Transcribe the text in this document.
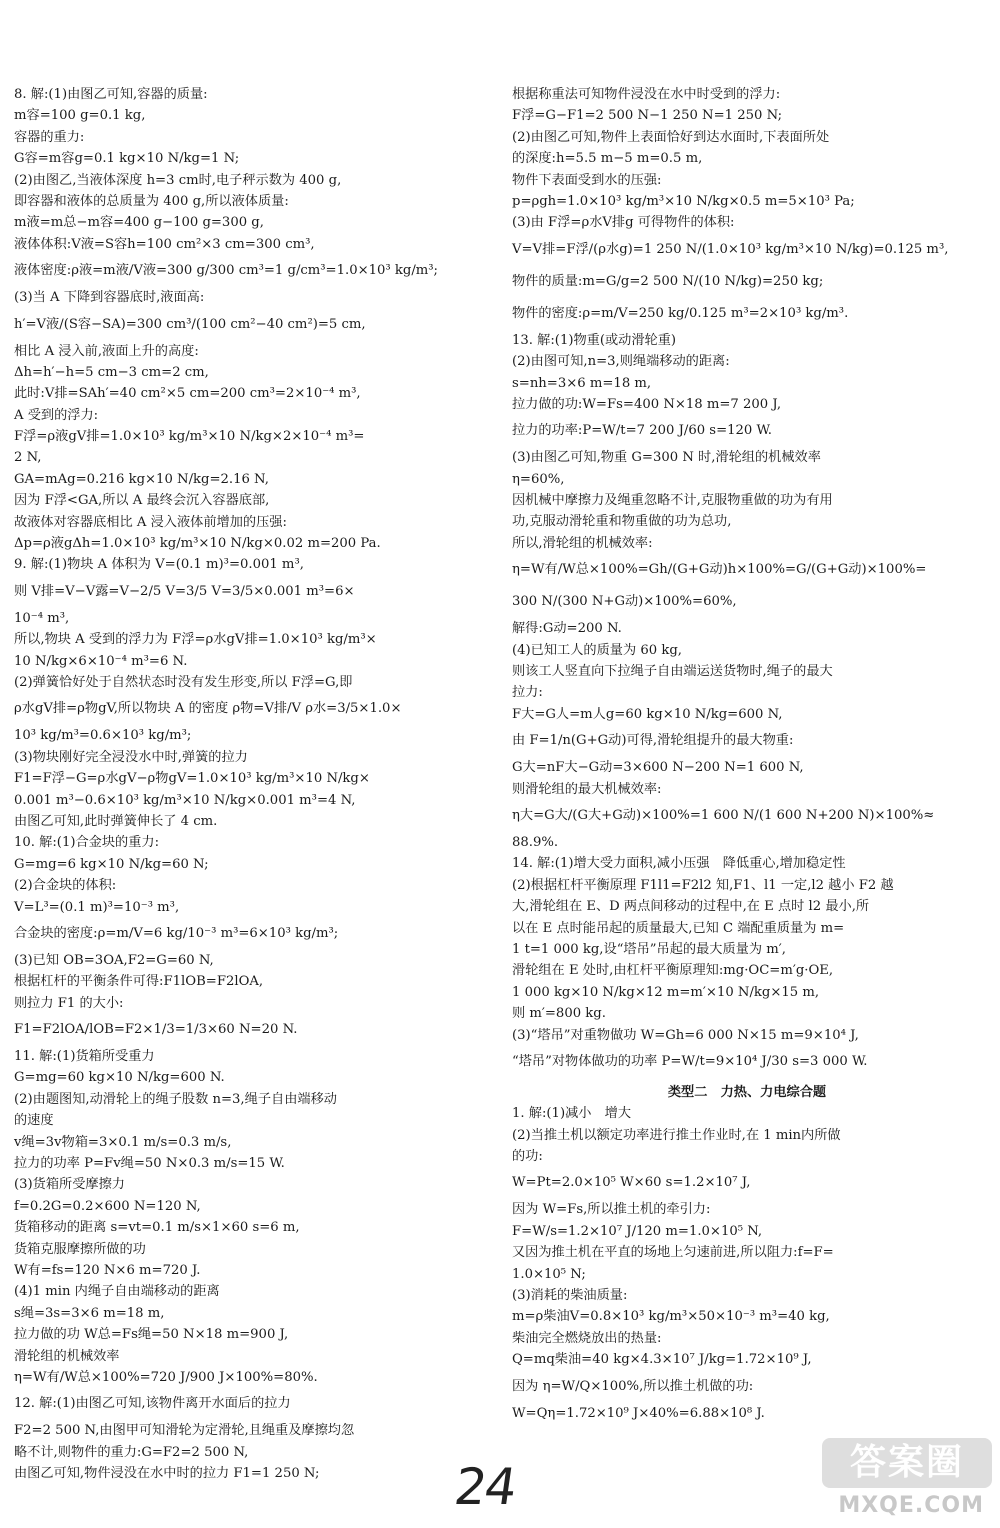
8. 解:(1)由图乙可知,容器的质量:
m容=100 g=0.1 kg,
容器的重力:
G容=m容g=0.1 kg×10 N/kg=1 N;
(2)由图乙,当液体深度 h=3 cm时,电子秤示数为 400 g,
即容器和液体的总质量为 400 g,所以液体质量:
m液=m总−m容=400 g−100 g=300 g,
液体体积:V液=S容h=100 cm²×3 cm=300 cm³,
液体密度:ρ液=m液/V液=300 g/300 cm³=1 g/cm³=1.0×10³ kg/m³;
(3)当 A 下降到容器底时,液面高:
h′=V液/(S容−SA)=300 cm³/(100 cm²−40 cm²)=5 cm,
相比 A 浸入前,液面上升的高度:
Δh=h′−h=5 cm−3 cm=2 cm,
此时:V排=SAh′=40 cm²×5 cm=200 cm³=2×10⁻⁴ m³,
A 受到的浮力:
F浮=ρ液gV排=1.0×10³ kg/m³×10 N/kg×2×10⁻⁴ m³=
2 N,
GA=mAg=0.216 kg×10 N/kg=2.16 N,
因为 F浮<GA,所以 A 最终会沉入容器底部,
故液体对容器底相比 A 浸入液体前增加的压强:
Δp=ρ液gΔh=1.0×10³ kg/m³×10 N/kg×0.02 m=200 Pa.
9. 解:(1)物块 A 体积为 V=(0.1 m)³=0.001 m³,
则 V排=V−V露=V−2/5 V=3/5 V=3/5×0.001 m³=6×
10⁻⁴ m³,
所以,物块 A 受到的浮力为 F浮=ρ水gV排=1.0×10³ kg/m³×
10 N/kg×6×10⁻⁴ m³=6 N.
(2)弹簧恰好处于自然状态时没有发生形变,所以 F浮=G,即
ρ水gV排=ρ物gV,所以物块 A 的密度 ρ物=V排/V ρ水=3/5×1.0×
10³ kg/m³=0.6×10³ kg/m³;
(3)物块刚好完全浸没水中时,弹簧的拉力
F1=F浮−G=ρ水gV−ρ物gV=1.0×10³ kg/m³×10 N/kg×
0.001 m³−0.6×10³ kg/m³×10 N/kg×0.001 m³=4 N,
由图乙可知,此时弹簧伸长了 4 cm.
10. 解:(1)合金块的重力:
G=mg=6 kg×10 N/kg=60 N;
(2)合金块的体积:
V=L³=(0.1 m)³=10⁻³ m³,
合金块的密度:ρ=m/V=6 kg/10⁻³ m³=6×10³ kg/m³;
(3)已知 OB=3OA,F2=G=60 N,
根据杠杆的平衡条件可得:F1lOB=F2lOA,
则拉力 F1 的大小:
F1=F2lOA/lOB=F2×1/3=1/3×60 N=20 N.
11. 解:(1)货箱所受重力
G=mg=60 kg×10 N/kg=600 N.
(2)由题图知,动滑轮上的绳子股数 n=3,绳子自由端移动
的速度
v绳=3v物箱=3×0.1 m/s=0.3 m/s,
拉力的功率 P=Fv绳=50 N×0.3 m/s=15 W.
(3)货箱所受摩擦力
f=0.2G=0.2×600 N=120 N,
货箱移动的距离 s=vt=0.1 m/s×1×60 s=6 m,
货箱克服摩擦所做的功
W有=fs=120 N×6 m=720 J.
(4)1 min 内绳子自由端移动的距离
s绳=3s=3×6 m=18 m,
拉力做的功 W总=Fs绳=50 N×18 m=900 J,
滑轮组的机械效率
η=W有/W总×100%=720 J/900 J×100%=80%.
12. 解:(1)由图乙可知,该物件离开水面后的拉力
F2=2 500 N,由图甲可知滑轮为定滑轮,且绳重及摩擦均忽
略不计,则物件的重力:G=F2=2 500 N,
由图乙可知,物件浸没在水中时的拉力 F1=1 250 N;
根据称重法可知物件浸没在水中时受到的浮力:
F浮=G−F1=2 500 N−1 250 N=1 250 N;
(2)由图乙可知,物件上表面恰好到达水面时,下表面所处
的深度:h=5.5 m−5 m=0.5 m,
物件下表面受到水的压强:
p=ρgh=1.0×10³ kg/m³×10 N/kg×0.5 m=5×10³ Pa;
(3)由 F浮=ρ水V排g 可得物件的体积:
V=V排=F浮/(ρ水g)=1 250 N/(1.0×10³ kg/m³×10 N/kg)=0.125 m³,
物件的质量:m=G/g=2 500 N/(10 N/kg)=250 kg;
物件的密度:ρ=m/V=250 kg/0.125 m³=2×10³ kg/m³.
13. 解:(1)物重(或动滑轮重)
(2)由图可知,n=3,则绳端移动的距离:
s=nh=3×6 m=18 m,
拉力做的功:W=Fs=400 N×18 m=7 200 J,
拉力的功率:P=W/t=7 200 J/60 s=120 W.
(3)由图乙可知,物重 G=300 N 时,滑轮组的机械效率
η=60%,
因机械中摩擦力及绳重忽略不计,克服物重做的功为有用
功,克服动滑轮重和物重做的功为总功,
所以,滑轮组的机械效率:
η=W有/W总×100%=Gh/(G+G动)h×100%=G/(G+G动)×100%=
300 N/(300 N+G动)×100%=60%,
解得:G动=200 N.
(4)已知工人的质量为 60 kg,
则该工人竖直向下拉绳子自由端运送货物时,绳子的最大
拉力:
F大=G人=m人g=60 kg×10 N/kg=600 N,
由 F=1/n(G+G动)可得,滑轮组提升的最大物重:
G大=nF大−G动=3×600 N−200 N=1 600 N,
则滑轮组的最大机械效率:
η大=G大/(G大+G动)×100%=1 600 N/(1 600 N+200 N)×100%≈
88.9%.
14. 解:(1)增大受力面积,减小压强　降低重心,增加稳定性
(2)根据杠杆平衡原理 F1l1=F2l2 知,F1、l1 一定,l2 越小 F2 越
大,滑轮组在 E、D 两点间移动的过程中,在 E 点时 l2 最小,所
以在 E 点时能吊起的质量最大,已知 C 端配重质量为 m=
1 t=1 000 kg,设“塔吊”吊起的最大质量为 m′,
滑轮组在 E 处时,由杠杆平衡原理知:mg·OC=m′g·OE,
1 000 kg×10 N/kg×12 m=m′×10 N/kg×15 m,
则 m′=800 kg.
(3)“塔吊”对重物做功 W=Gh=6 000 N×15 m=9×10⁴ J,
“塔吊”对物体做功的功率 P=W/t=9×10⁴ J/30 s=3 000 W.
类型二　力热、力电综合题
1. 解:(1)减小　增大
(2)当推土机以额定功率进行推土作业时,在 1 min内所做
的功:
W=Pt=2.0×10⁵ W×60 s=1.2×10⁷ J,
因为 W=Fs,所以推土机的牵引力:
F=W/s=1.2×10⁷ J/120 m=1.0×10⁵ N,
又因为推土机在平直的场地上匀速前进,所以阻力:f=F=
1.0×10⁵ N;
(3)消耗的柴油质量:
m=ρ柴油V=0.8×10³ kg/m³×50×10⁻³ m³=40 kg,
柴油完全燃烧放出的热量:
Q=mq柴油=40 kg×4.3×10⁷ J/kg=1.72×10⁹ J,
因为 η=W/Q×100%,所以推土机做的功:
W=Qη=1.72×10⁹ J×40%=6.88×10⁸ J.
24	答案圈
MXQE.COM
